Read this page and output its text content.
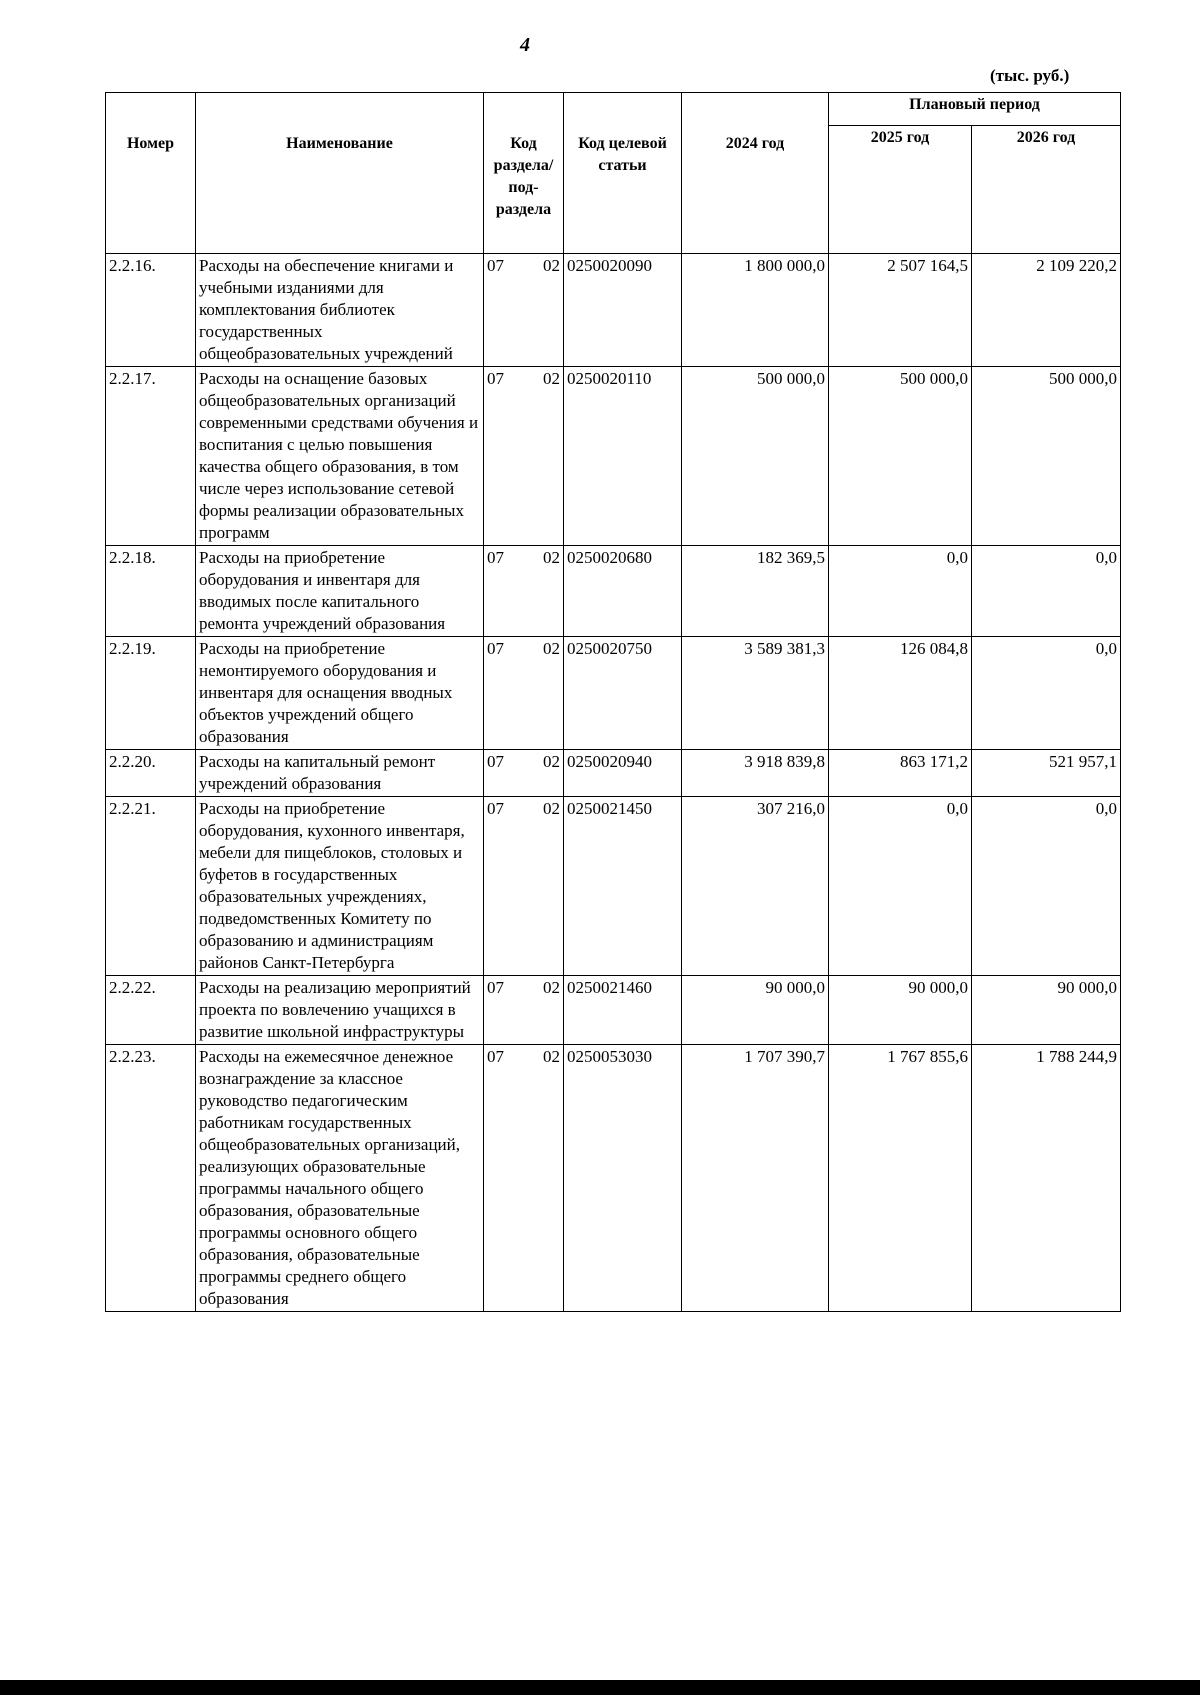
4
(тыс. руб.)
Номер	Наименование	Код раздела/ под- раздела	Код целевой статьи	2024 год	Плановый период	
					2025 год	2026 год
2.2.16.	Расходы на обеспечение книгами и учебными изданиями для комплектования библиотек государственных общеобразовательных учреждений	07 02	0250020090	1 800 000,0	2 507 164,5	2 109 220,2
2.2.17.	Расходы на оснащение базовых общеобразовательных организаций современными средствами обучения и воспитания с целью повышения качества общего образования, в том числе через использование сетевой формы реализации образовательных программ	07 02	0250020110	500 000,0	500 000,0	500 000,0
2.2.18.	Расходы на приобретение оборудования и инвентаря для вводимых после капитального ремонта учреждений образования	07 02	0250020680	182 369,5	0,0	0,0
2.2.19.	Расходы на приобретение немонтируемого оборудования и инвентаря для оснащения вводных объектов учреждений общего образования	07 02	0250020750	3 589 381,3	126 084,8	0,0
2.2.20.	Расходы на капитальный ремонт учреждений образования	07 02	0250020940	3 918 839,8	863 171,2	521 957,1
2.2.21.	Расходы на приобретение оборудования, кухонного инвентаря, мебели для пищеблоков, столовых и буфетов в государственных образовательных учреждениях, подведомственных Комитету по образованию и администрациям районов Санкт-Петербурга	07 02	0250021450	307 216,0	0,0	0,0
2.2.22.	Расходы на реализацию мероприятий проекта по вовлечению учащихся в развитие школьной инфраструктуры	07 02	0250021460	90 000,0	90 000,0	90 000,0
2.2.23.	Расходы на ежемесячное денежное вознаграждение за классное руководство педагогическим работникам государственных общеобразовательных организаций, реализующих образовательные программы начального общего образования, образовательные программы основного общего образования, образовательные программы среднего общего образования	07 02	0250053030	1 707 390,7	1 767 855,6	1 788 244,9
